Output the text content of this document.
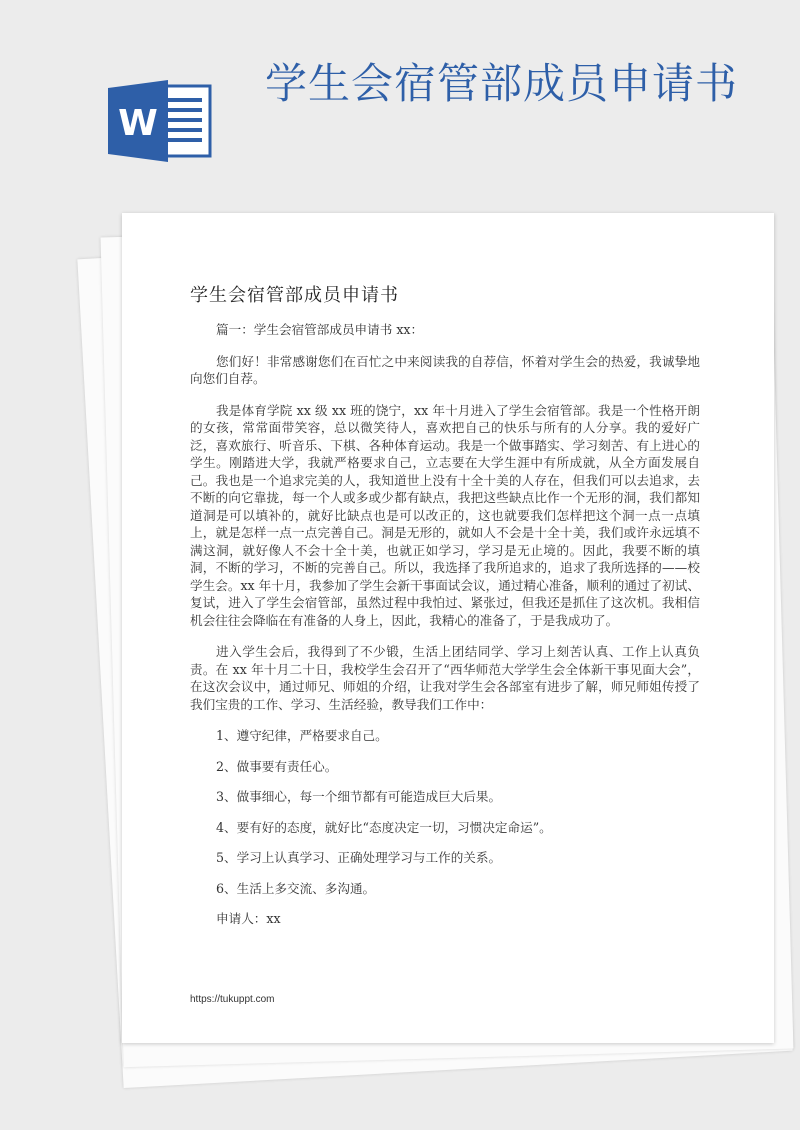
W
学生会宿管部成员申请书
学生会宿管部成员申请书

篇一：学生会宿管部成员申请书 xx：

您们好！非常感谢您们在百忙之中来阅读我的自荐信，怀着对学生会的热爱，我诚挚地向您们自荐。

我是体育学院 xx 级 xx 班的饶宁，xx 年十月进入了学生会宿管部。我是一个性格开朗的女孩，常常面带笑容，总以微笑待人，喜欢把自己的快乐与所有的人分享。我的爱好广泛，喜欢旅行、听音乐、下棋、各种体育运动。我是一个做事踏实、学习刻苦、有上进心的学生。刚踏进大学，我就严格要求自己，立志要在大学生涯中有所成就，从全方面发展自己。我也是一个追求完美的人，我知道世上没有十全十美的人存在，但我们可以去追求，去不断的向它靠拢，每一个人或多或少都有缺点，我把这些缺点比作一个无形的洞，我们都知道洞是可以填补的，就好比缺点也是可以改正的，这也就要我们怎样把这个洞一点一点填上，就是怎样一点一点完善自己。洞是无形的，就如人不会是十全十美，我们或许永远填不满这洞，就好像人不会十全十美，也就正如学习，学习是无止境的。因此，我要不断的填洞，不断的学习，不断的完善自己。所以，我选择了我所追求的，追求了我所选择的——校学生会。xx 年十月，我参加了学生会新干事面试会议，通过精心准备，顺利的通过了初试、复试，进入了学生会宿管部，虽然过程中我怕过、紧张过，但我还是抓住了这次机。我相信机会往往会降临在有准备的人身上，因此，我精心的准备了，于是我成功了。

进入学生会后，我得到了不少锻，生活上团结同学、学习上刻苦认真、工作上认真负责。在 xx 年十月二十日，我校学生会召开了“西华师范大学学生会全体新干事见面大会”，在这次会议中，通过师兄、师姐的介绍，让我对学生会各部室有进步了解，师兄师姐传授了我们宝贵的工作、学习、生活经验，教导我们工作中：

1、遵守纪律，严格要求自己。

2、做事要有责任心。

3、做事细心，每一个细节都有可能造成巨大后果。

4、要有好的态度，就好比“态度决定一切，习惯决定命运”。

5、学习上认真学习、正确处理学习与工作的关系。

6、生活上多交流、多沟通。

申请人：xx

https://tukuppt.com
